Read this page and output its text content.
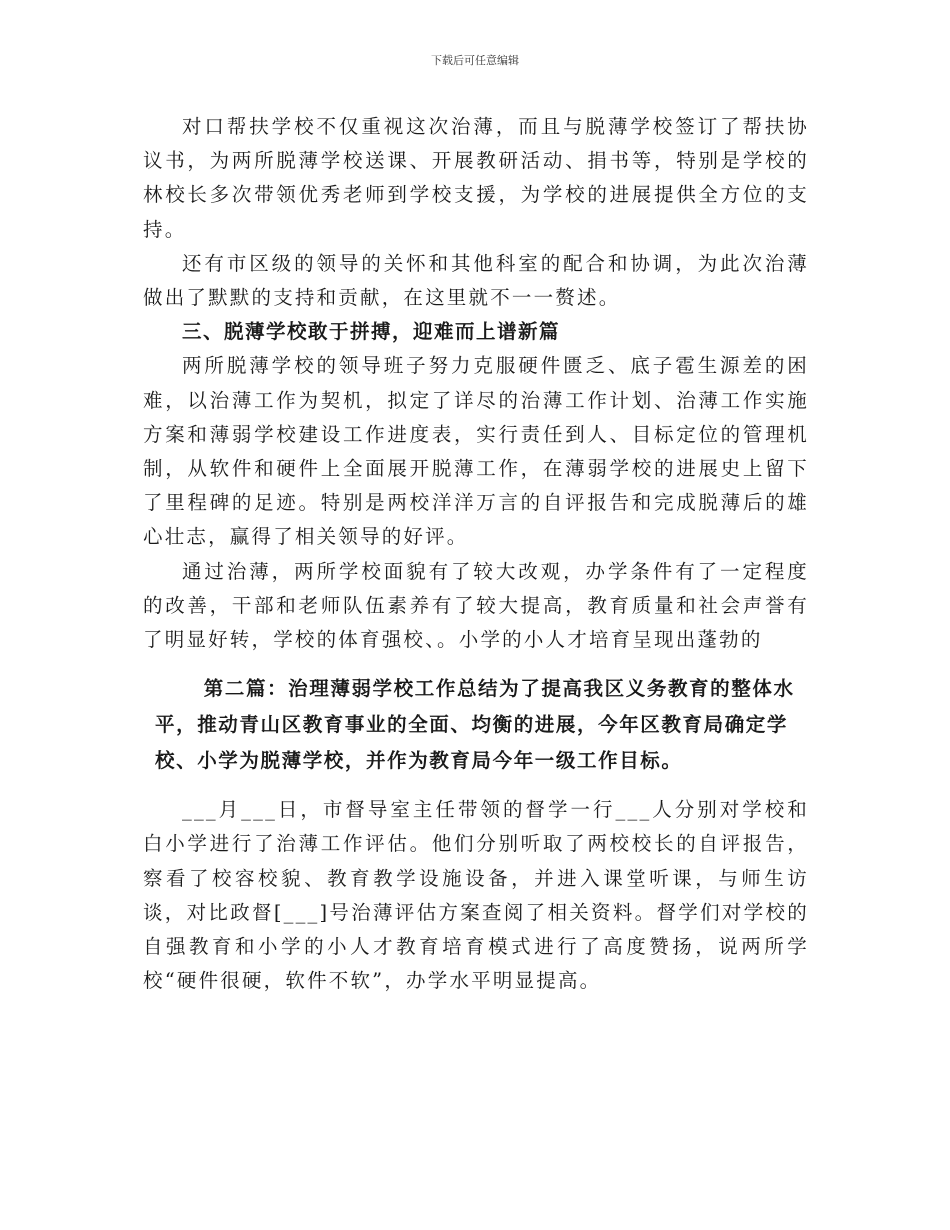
下载后可任意编辑

对口帮扶学校不仅重视这次治薄，而且与脱薄学校签订了帮扶协议书，为两所脱薄学校送课、开展教研活动、捐书等，特别是学校的林校长多次带领优秀老师到学校支援，为学校的进展提供全方位的支持。

还有市区级的领导的关怀和其他科室的配合和协调，为此次治薄做出了默默的支持和贡献，在这里就不一一赘述。

三、脱薄学校敢于拼搏，迎难而上谱新篇

两所脱薄学校的领导班子努力克服硬件匮乏、底子雹生源差的困难，以治薄工作为契机，拟定了详尽的治薄工作计划、治薄工作实施方案和薄弱学校建设工作进度表，实行责任到人、目标定位的管理机制，从软件和硬件上全面展开脱薄工作，在薄弱学校的进展史上留下了里程碑的足迹。特别是两校洋洋万言的自评报告和完成脱薄后的雄心壮志，赢得了相关领导的好评。

通过治薄，两所学校面貌有了较大改观，办学条件有了一定程度的改善，干部和老师队伍素养有了较大提高，教育质量和社会声誉有了明显好转，学校的体育强校、。小学的小人才培育呈现出蓬勃的

第二篇：治理薄弱学校工作总结为了提高我区义务教育的整体水平，推动青山区教育事业的全面、均衡的进展，今年区教育局确定学校、小学为脱薄学校，并作为教育局今年一级工作目标。

___月___日，市督导室主任带领的督学一行___人分别对学校和白小学进行了治薄工作评估。他们分别听取了两校校长的自评报告，察看了校容校貌、教育教学设施设备，并进入课堂听课，与师生访谈，对比政督[___]号治薄评估方案查阅了相关资料。督学们对学校的自强教育和小学的小人才教育培育模式进行了高度赞扬，说两所学校“硬件很硬，软件不软”，办学水平明显提高。
